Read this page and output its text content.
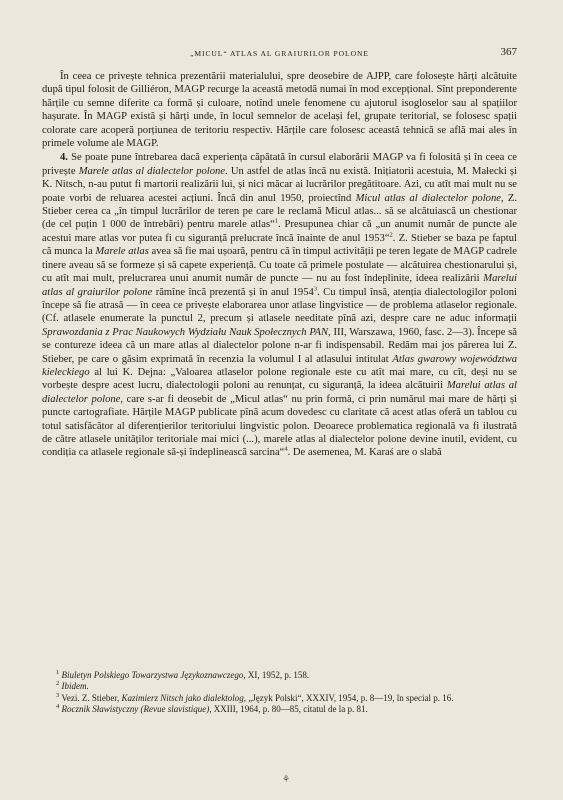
„MICUL“ ATLAS AL GRAIURILOR POLONE	367

În ceea ce privește tehnica prezentării materialului, spre deosebire de AJPP, care folosește hărți alcătuite după tipul folosit de Gilliéron, MAGP recurge la această metodă numai în mod excepțional. Sînt preponderente hărțile cu semne diferite ca formă și culoare, notînd unele fenomene cu ajutorul isogloselor sau al spațiilor hașurate. În MAGP există și hărți unde, în locul semnelor de același fel, grupate teritorial, se folosesc spații colorate care acoperă porțiunea de teritoriu respectiv. Hărțile care folosesc această tehnică se află mai ales în primele volume ale MAGP.

4. Se poate pune întrebarea dacă experiența căpătată în cursul elaborării MAGP va fi folosită și în ceea ce privește Marele atlas al dialectelor polone. Un astfel de atlas încă nu există. Inițiatorii acestuia, M. Małecki și K. Nitsch, n-au putut fi martorii realizării lui, și nici măcar ai lucrărilor pregătitoare. Azi, cu atît mai mult nu se poate vorbi de reluarea acestei acțiuni. Încă din anul 1950, proiectînd Micul atlas al dialectelor polone, Z. Stieber cerea ca „în timpul lucrărilor de teren pe care le reclamă Micul atlas... să se alcătuiască un chestionar (de cel puțin 1 000 de întrebări) pentru marele atlas“$^1$. Presupunea chiar că „un anumit număr de puncte ale acestui mare atlas vor putea fi cu siguranță prelucrate încă înainte de anul 1953“$^2$. Z. Stieber se baza pe faptul că munca la Marele atlas avea să fie mai ușoară, pentru că în timpul activității pe teren legate de MAGP cadrele tinere aveau să se formeze și să capete experiență. Cu toate că primele postulate — alcătuirea chestionarului și, cu atît mai mult, prelucrarea unui anumit număr de puncte — nu au fost îndeplinite, ideea realizării Marelui atlas al graiurilor polone rămîne încă prezentă și în anul 1954$^3$. Cu timpul însă, atenția dialectologilor poloni începe să fie atrasă — în ceea ce privește elaborarea unor atlase lingvistice — de problema atlaselor regionale. (Cf. atlasele enumerate la punctul 2, precum și atlasele needitate pînă azi, despre care ne aduc informații Sprawozdania z Prac Naukowych Wydziału Nauk Społecznych PAN, III, Warszawa, 1960, fasc. 2—3). Începe să se contureze ideea că un mare atlas al dialectelor polone n-ar fi indispensabil. Redăm mai jos părerea lui Z. Stieber, pe care o găsim exprimată în recenzia la volumul I al atlasului intitulat Atlas gwarowy województwa kieleckiego al lui K. Dejna: „Valoarea atlaselor polone regionale este cu atît mai mare, cu cît, deși nu se vorbește despre acest lucru, dialectologii poloni au renunțat, cu siguranță, la ideea alcătuirii Marelui atlas al dialectelor polone, care s-ar fi deosebit de „Micul atlas“ nu prin formă, ci prin numărul mai mare de hărți și puncte cartografiate. Hărțile MAGP publicate pînă acum dovedesc cu claritate că acest atlas oferă un tablou cu totul satisfăcător al diferențierilor teritoriului lingvistic polon. Deoarece problematica regională va fi ilustrată de către atlasele unităților teritoriale mai mici (...), marele atlas al dialectelor polone devine inutil, evident, cu condiția ca atlasele regionale să-și îndeplinească sarcina“$^4$. De asemenea, M. Karaś are o slabă

$^1$ Biuletyn Polskiego Towarzystwa Językoznawczego, XI, 1952, p. 158.

$^2$ Ibidem.

$^3$ Vezi. Z. Stieber, Kazimierz Nitsch jako dialektolog, „Język Polski“, XXXIV, 1954, p. 8—19, în special p. 16.

$^4$ Rocznik Sławistyczny (Revue slavistique), XXIII, 1964, p. 80—85, citatul de la p. 81.

⚘
